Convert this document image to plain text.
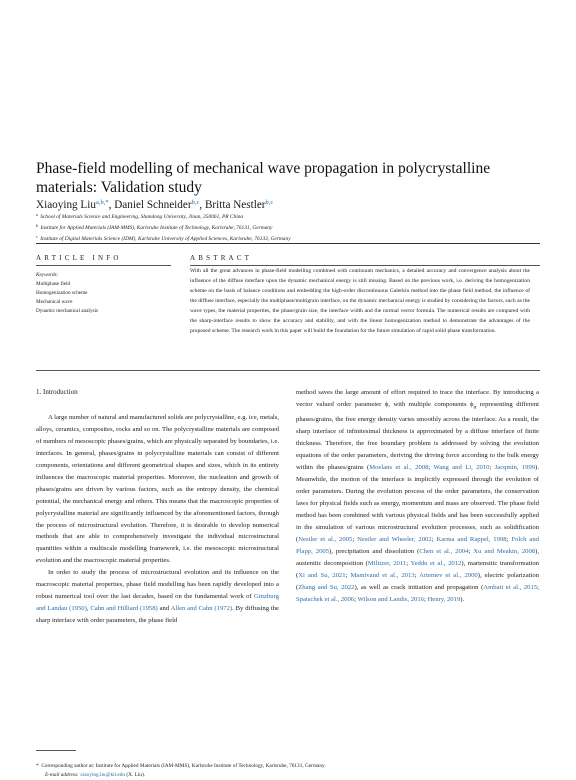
Phase-field modelling of mechanical wave propagation in polycrystalline
materials: Validation study
Xiaoying Liu$^{a,b,*}$, Daniel Schneider$^{b,c}$, Britta Nestler$^{b,c}$
$^a$ School of Materials Science and Engineering, Shandong University, Jinan, 250061, PR China
$^b$ Institute for Applied Materials (IAM-MMS), Karlsruhe Institute of Technology, Karlsruhe, 76131, Germany
$^c$ Institute of Digital Materials Science (IDM), Karlsruhe University of Applied Sciences, Karlsruhe, 76133, Germany
ARTICLE INFO
Keywords:
Multiphase field
Homogenization scheme
Mechanical wave
Dynamic mechanical analysis
ABSTRACT
With all the great advances in phase-field modelling combined with continuum mechanics, a detailed accuracy and convergence analysis about the influence of the diffuse interface upon the dynamic mechanical energy is still missing. Based on the previous work, i.e. deriving the homogenization scheme on the basis of balance conditions and embedding the high-order discontinuous Galerkin method into the phase field method, the influence of the diffuse interface, especially the multiphase/multigrain interface, on the dynamic mechanical energy is studied by considering the factors, such as the wave types, the material properties, the phase/grain size, the interface width and the normal vector formula. The numerical results are compared with the sharp-interface results to show the accuracy and stability, and with the linear homogenization method to demonstrate the advantages of the proposed scheme. The research work in this paper will build the foundation for the future simulation of rapid solid phase transformation.
1. Introduction

A large number of natural and manufactured solids are polycrystalline, e.g. ice, metals, alloys, ceramics, composites, rocks and so on. The polycrystalline materials are composed of numbers of mesoscopic phases/grains, which are physically separated by boundaries, i.e. interfaces. In general, phases/grains in polycrystalline materials can consist of different components, orientations and different geometrical shapes and sizes, which in its entirety influences the macroscopic material properties. Moreover, the nucleation and growth of phases/grains are driven by various factors, such as the entropy density, the chemical potential, the mechanical energy and others. This means that the macroscopic properties of polycrystalline material are significantly influenced by the aforementioned factors, through the process of microstructural evolution. Therefore, it is desirable to develop numerical methods that are able to comprehensively investigate the individual microstructural quantities within a multiscale modelling framework, i.e. the mesoscopic microstructural evolution and the macroscopic material properties.

In order to study the process of microstructural evolution and its influence on the macroscopic material properties, phase field modelling has been rapidly developed into a robust numerical tool over the last decades, based on the fundamental work of Ginzburg and Landau (1950), Cahn and Hilliard (1958) and Allen and Cahn (1972). By diffusing the sharp interface with order parameters, the phase field

method saves the large amount of effort required to trace the interface. By introducing a vector valued order parameter ϕ, with multiple components $\phi_\alpha$ representing different phases/grains, the free energy density varies smoothly across the interface. As a result, the sharp interface of infinitesimal thickness is approximated by a diffuse interface of finite thickness. Therefore, the free boundary problem is addressed by solving the evolution equations of the order parameters, deriving the driving force according to the bulk energy within the phases/grains (Moelans et al., 2008; Wang and Li, 2010; Jacqmin, 1999). Meanwhile, the motion of the interface is implicitly expressed through the evolution of order parameters. During the evolution process of the order parameters, the conservation laws for physical fields such as energy, momentum and mass are observed. The phase field method has been combined with various physical fields and has been successfully applied in the simulation of various microstructural evolution processes, such as solidification (Nestler et al., 2005; Nestler and Wheeler, 2002; Karma and Rappel, 1998; Folch and Plapp, 2005), precipitation and dissolution (Chen et al., 2004; Xu and Meakin, 2008), austenitic decomposition (Militzer, 2011; Yeddu et al., 2012), martensitic transformation (Xi and Su, 2021; Mamivand et al., 2013; Artemev et al., 2000), electric polarization (Zhang and Su, 2022), as well as crack initiation and propagation (Ambati et al., 2015; Spatschek et al., 2006; Wilson and Landis, 2016; Henry, 2019).

* Corresponding author at: Institute for Applied Materials (IAM-MMS), Karlsruhe Institute of Technology, Karlsruhe, 76131, Germany.
E-mail address: xiaoying.liu@kit.edu (X. Liu).
